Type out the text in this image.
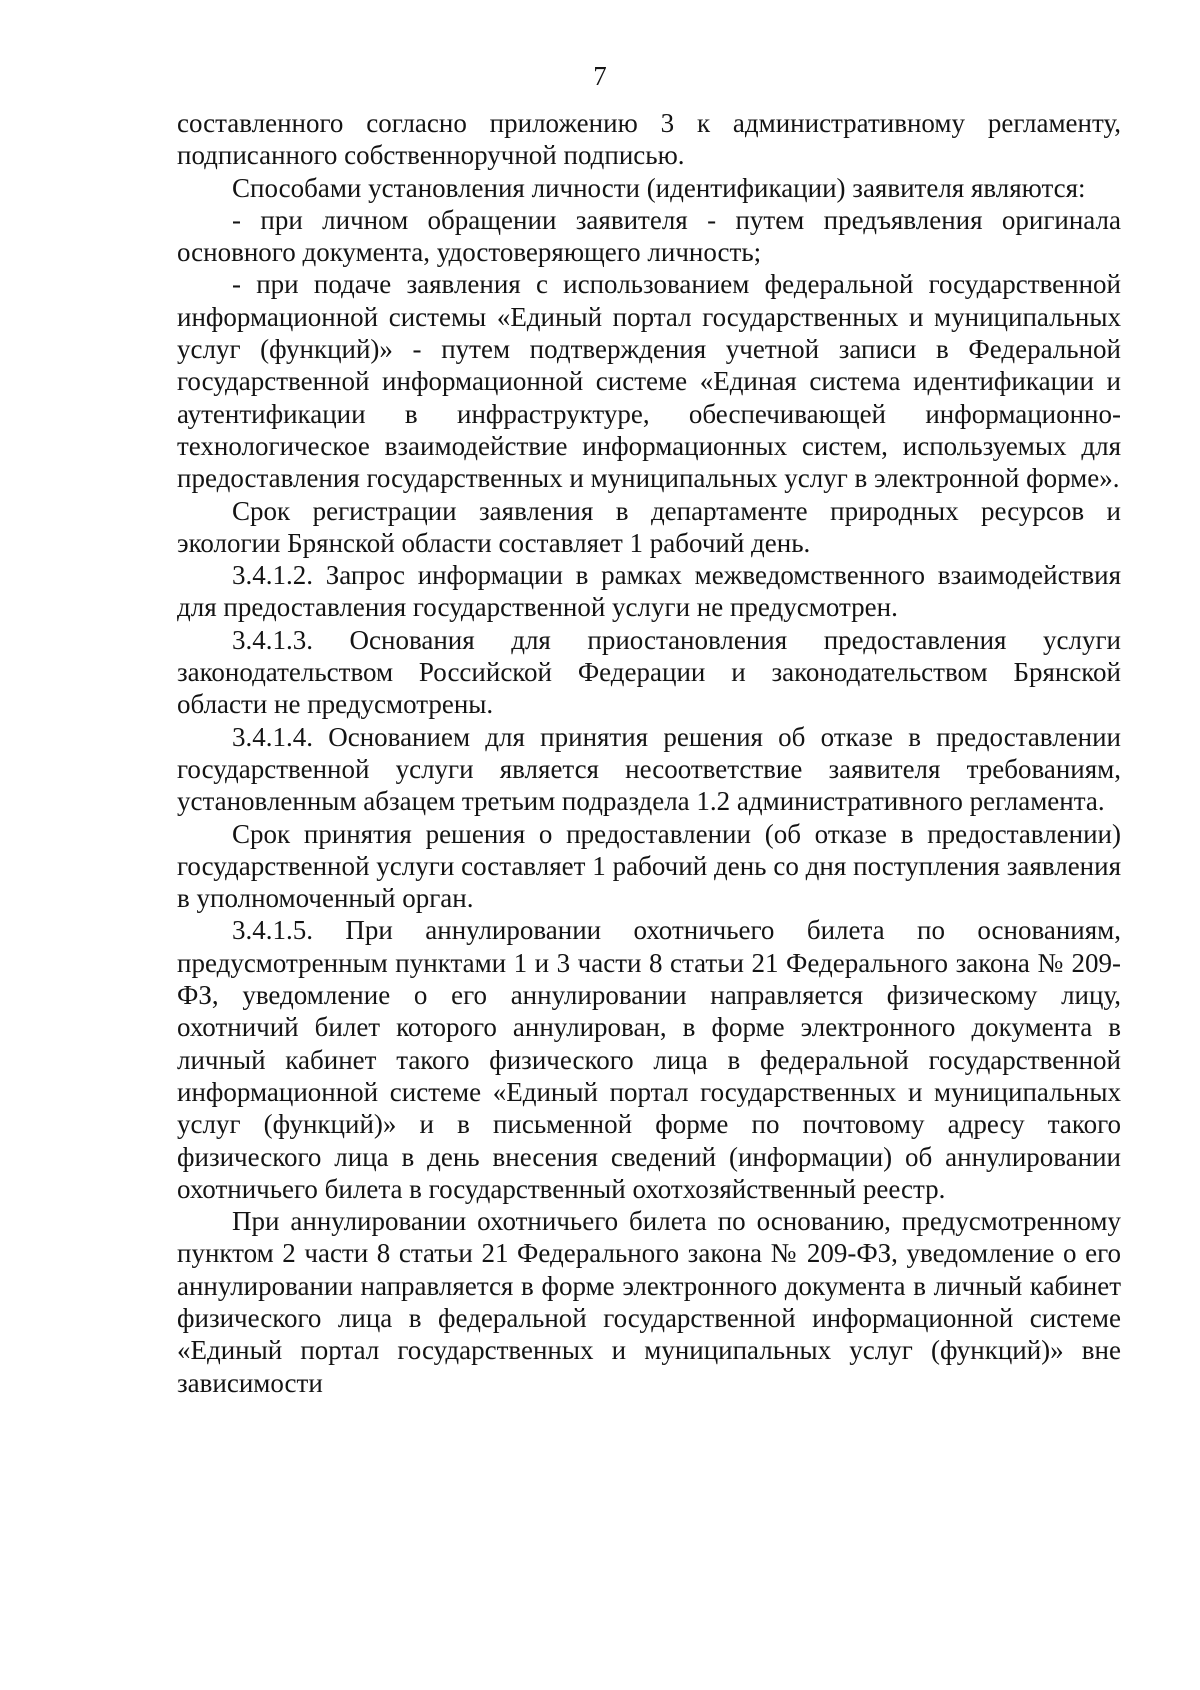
7

составленного согласно приложению 3 к административному регламенту, подписанного собственноручной подписью.

Способами установления личности (идентификации) заявителя являются:

- при личном обращении заявителя - путем предъявления оригинала основного документа, удостоверяющего личность;

- при подаче заявления с использованием федеральной государственной информационной системы «Единый портал государственных и муниципальных услуг (функций)» - путем подтверждения учетной записи в Федеральной государственной информационной системе «Единая система идентификации и аутентификации в инфраструктуре, обеспечивающей информационно-технологическое взаимодействие информационных систем, используемых для предоставления государственных и муниципальных услуг в электронной форме».

Срок регистрации заявления в департаменте природных ресурсов и экологии Брянской области составляет 1 рабочий день.

3.4.1.2. Запрос информации в рамках межведомственного взаимодействия для предоставления государственной услуги не предусмотрен.

3.4.1.3. Основания для приостановления предоставления услуги законодательством Российской Федерации и законодательством Брянской области не предусмотрены.

3.4.1.4. Основанием для принятия решения об отказе в предоставлении государственной услуги является несоответствие заявителя требованиям, установленным абзацем третьим подраздела 1.2 административного регламента.

Срок принятия решения о предоставлении (об отказе в предоставлении) государственной услуги составляет 1 рабочий день со дня поступления заявления в уполномоченный орган.

3.4.1.5. При аннулировании охотничьего билета по основаниям, предусмотренным пунктами 1 и 3 части 8 статьи 21 Федерального закона № 209-ФЗ, уведомление о его аннулировании направляется физическому лицу, охотничий билет которого аннулирован, в форме электронного документа в личный кабинет такого физического лица в федеральной государственной информационной системе «Единый портал государственных и муниципальных услуг (функций)» и в письменной форме по почтовому адресу такого физического лица в день внесения сведений (информации) об аннулировании охотничьего билета в государственный охотхозяйственный реестр.

При аннулировании охотничьего билета по основанию, предусмотренному пунктом 2 части 8 статьи 21 Федерального закона № 209-ФЗ, уведомление о его аннулировании направляется в форме электронного документа в личный кабинет физического лица в федеральной государственной информационной системе «Единый портал государственных и муниципальных услуг (функций)» вне зависимости
